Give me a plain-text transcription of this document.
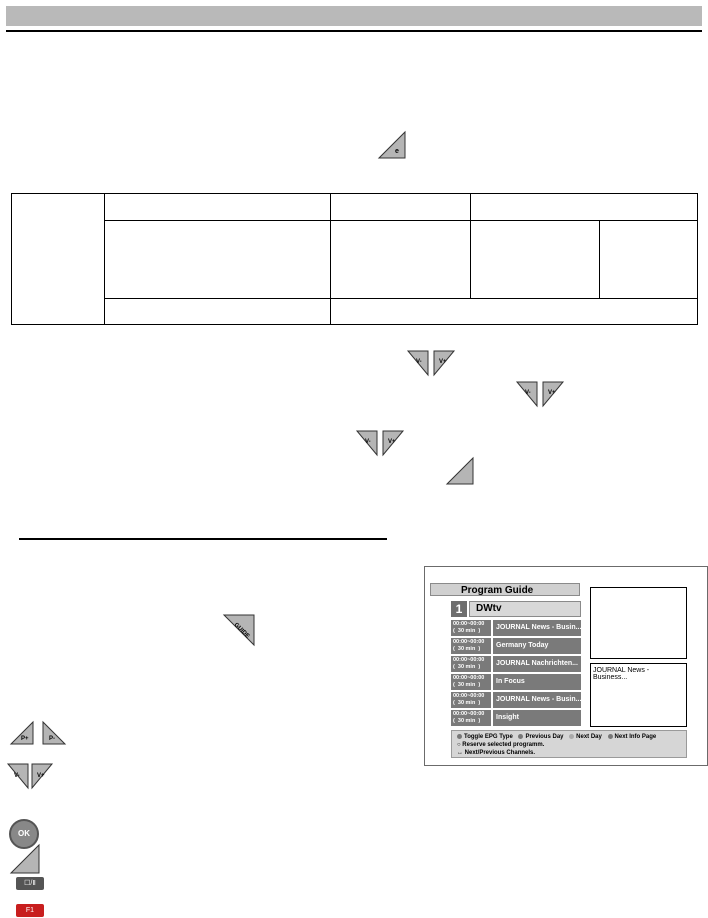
e
V-	V+
V-	V+
V-	V+
GUIDE
Program Guide
1	DWtv
00:00~00:00
(  30 min  )	JOURNAL News - Busin...
00:00~00:00
(  30 min  )	Germany Today
00:00~00:00
(  30 min  )	JOURNAL Nachrichten...
00:00~00:00
(  30 min  )	In Focus
00:00~00:00
(  30 min  )	JOURNAL News - Busin...
00:00~00:00
(  30 min  )	Insight
JOURNAL News - Business...
Toggle EPG Type Previous Day Next Day Next Info Page
○ Reserve selected programm.
↔ Next/Previous Channels.
P+	P-
V-	V+
OK
☐/Ⅱ
F1
